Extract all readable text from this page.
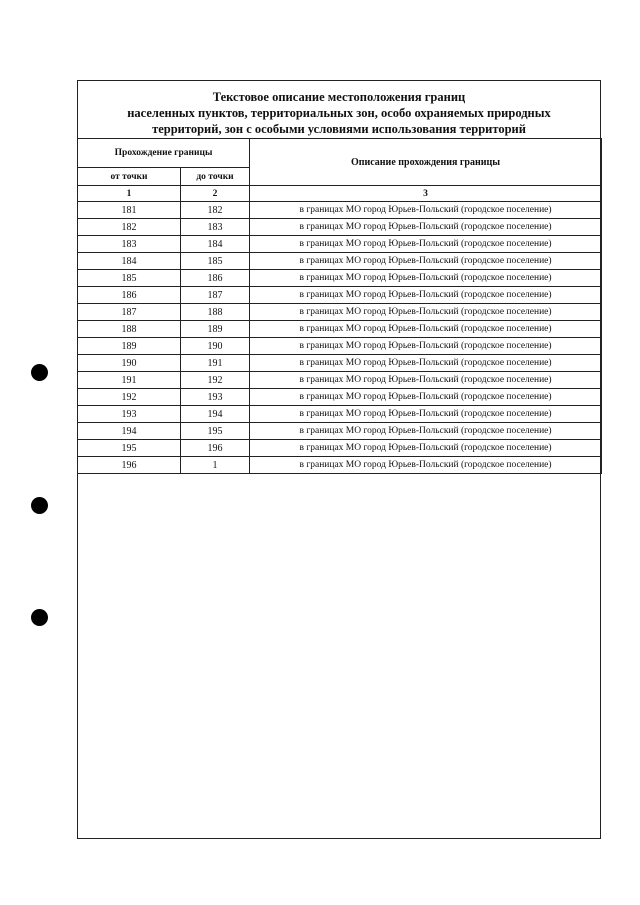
Текстовое описание местоположения границ
населенных пунктов, территориальных зон, особо охраняемых природных
территорий, зон с особыми условиями использования территорий
Прохождение границы		Описание прохождения границы
от точки	до точки	
1	2	3
181	182	в границах МО город Юрьев-Польский (городское поселение)
182	183	в границах МО город Юрьев-Польский (городское поселение)
183	184	в границах МО город Юрьев-Польский (городское поселение)
184	185	в границах МО город Юрьев-Польский (городское поселение)
185	186	в границах МО город Юрьев-Польский (городское поселение)
186	187	в границах МО город Юрьев-Польский (городское поселение)
187	188	в границах МО город Юрьев-Польский (городское поселение)
188	189	в границах МО город Юрьев-Польский (городское поселение)
189	190	в границах МО город Юрьев-Польский (городское поселение)
190	191	в границах МО город Юрьев-Польский (городское поселение)
191	192	в границах МО город Юрьев-Польский (городское поселение)
192	193	в границах МО город Юрьев-Польский (городское поселение)
193	194	в границах МО город Юрьев-Польский (городское поселение)
194	195	в границах МО город Юрьев-Польский (городское поселение)
195	196	в границах МО город Юрьев-Польский (городское поселение)
196	1	в границах МО город Юрьев-Польский (городское поселение)
